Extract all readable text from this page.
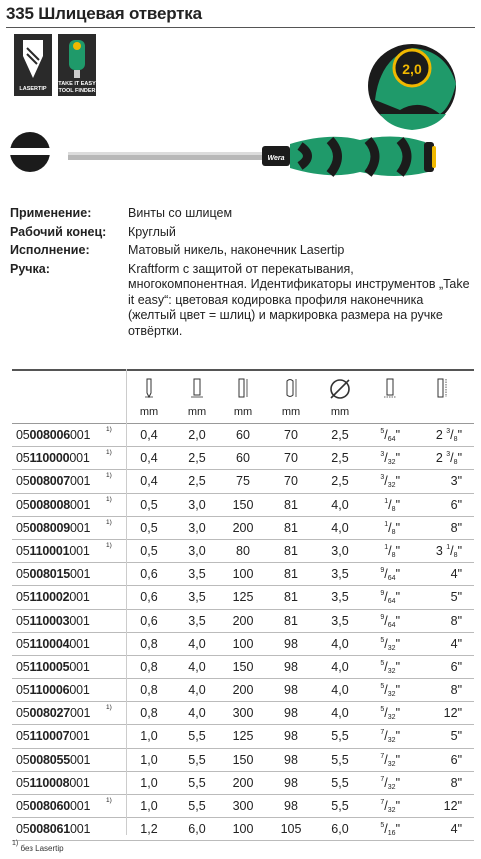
335 Шлицевая отвертка
LASERTIP
TAKE IT EASY TOOL FINDER
2,0
Wera
Применение:	Винты со шлицем
Рабочий конец:	Круглый
Исполнение:	Матовый никель, наконечник Lasertip
Ручка:	Kraftform с защитой от перекатывания, многокомпонентная. Идентификаторы инструментов „Take it easy“: цветовая кодировка профиля наконечника (желтый цвет = шлиц) и маркировка размера на ручке отвёртки.
mm	mm	mm	mm	mm
05008006001 1)	0,4	2,0	60	70	2,5	$^5/_{64}$"	2 $^3/_8$"
05110000001	1)	0,4	2,5	60	70	2,5	$^3/_{32}$"	2 $^3/_8$"
05008007001 1)	0,4	2,5	75	70	2,5	$^3/_{32}$"	3"
05008008001 1)	0,5	3,0	150	81	4,0	$^1/_8$"	6"
05008009001 1)	0,5	3,0	200	81	4,0	$^1/_8$"	8"
05110001001	1)	0,5	3,0	80	81	3,0	$^1/_8$"	3 $^1/_8$"
05008015001	0,6	3,5	100	81	3,5	$^9/_{64}$"	4"
05110002001	0,6	3,5	125	81	3,5	$^9/_{64}$"	5"
05110003001	0,6	3,5	200	81	3,5	$^9/_{64}$"	8"
05110004001	0,8	4,0	100	98	4,0	$^5/_{32}$"	4"
05110005001	0,8	4,0	150	98	4,0	$^5/_{32}$"	6"
05110006001	0,8	4,0	200	98	4,0	$^5/_{32}$"	8"
05008027001 1)	0,8	4,0	300	98	4,0	$^5/_{32}$"	12"
05110007001	1,0	5,5	125	98	5,5	$^7/_{32}$"	5"
05008055001	1,0	5,5	150	98	5,5	$^7/_{32}$"	6"
05110008001	1,0	5,5	200	98	5,5	$^7/_{32}$"	8"
05008060001 1)	1,0	5,5	300	98	5,5	$^7/_{32}$"	12"
05008061001	1,2	6,0	100	105	6,0	$^5/_{16}$"	4"
$^{1)}$ без Lasertip
